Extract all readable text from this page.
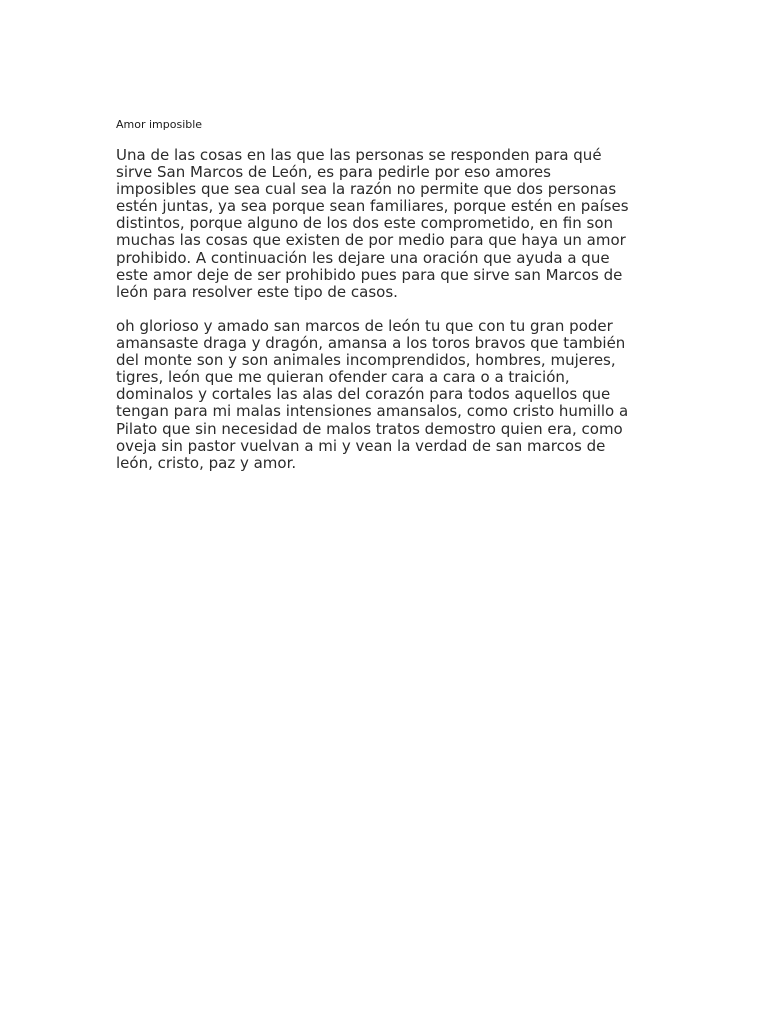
Amor imposible

Una de las cosas en las que las personas se responden para qué
sirve San Marcos de León, es para pedirle por eso amores
imposibles que sea cual sea la razón no permite que dos personas
estén juntas, ya sea porque sean familiares, porque estén en países
distintos, porque alguno de los dos este comprometido, en fin son
muchas las cosas que existen de por medio para que haya un amor
prohibido. A continuación les dejare una oración que ayuda a que
este amor deje de ser prohibido pues para que sirve san Marcos de
león para resolver este tipo de casos.

oh glorioso y amado san marcos de león tu que con tu gran poder
amansaste draga y dragón, amansa a los toros bravos que también
del monte son y son animales incomprendidos, hombres, mujeres,
tigres, león que me quieran ofender cara a cara o a traición,
dominalos y cortales las alas del corazón para todos aquellos que
tengan para mi malas intensiones amansalos, como cristo humillo a
Pilato que sin necesidad de malos tratos demostro quien era, como
oveja sin pastor vuelvan a mi y vean la verdad de san marcos de
león, cristo, paz y amor.
